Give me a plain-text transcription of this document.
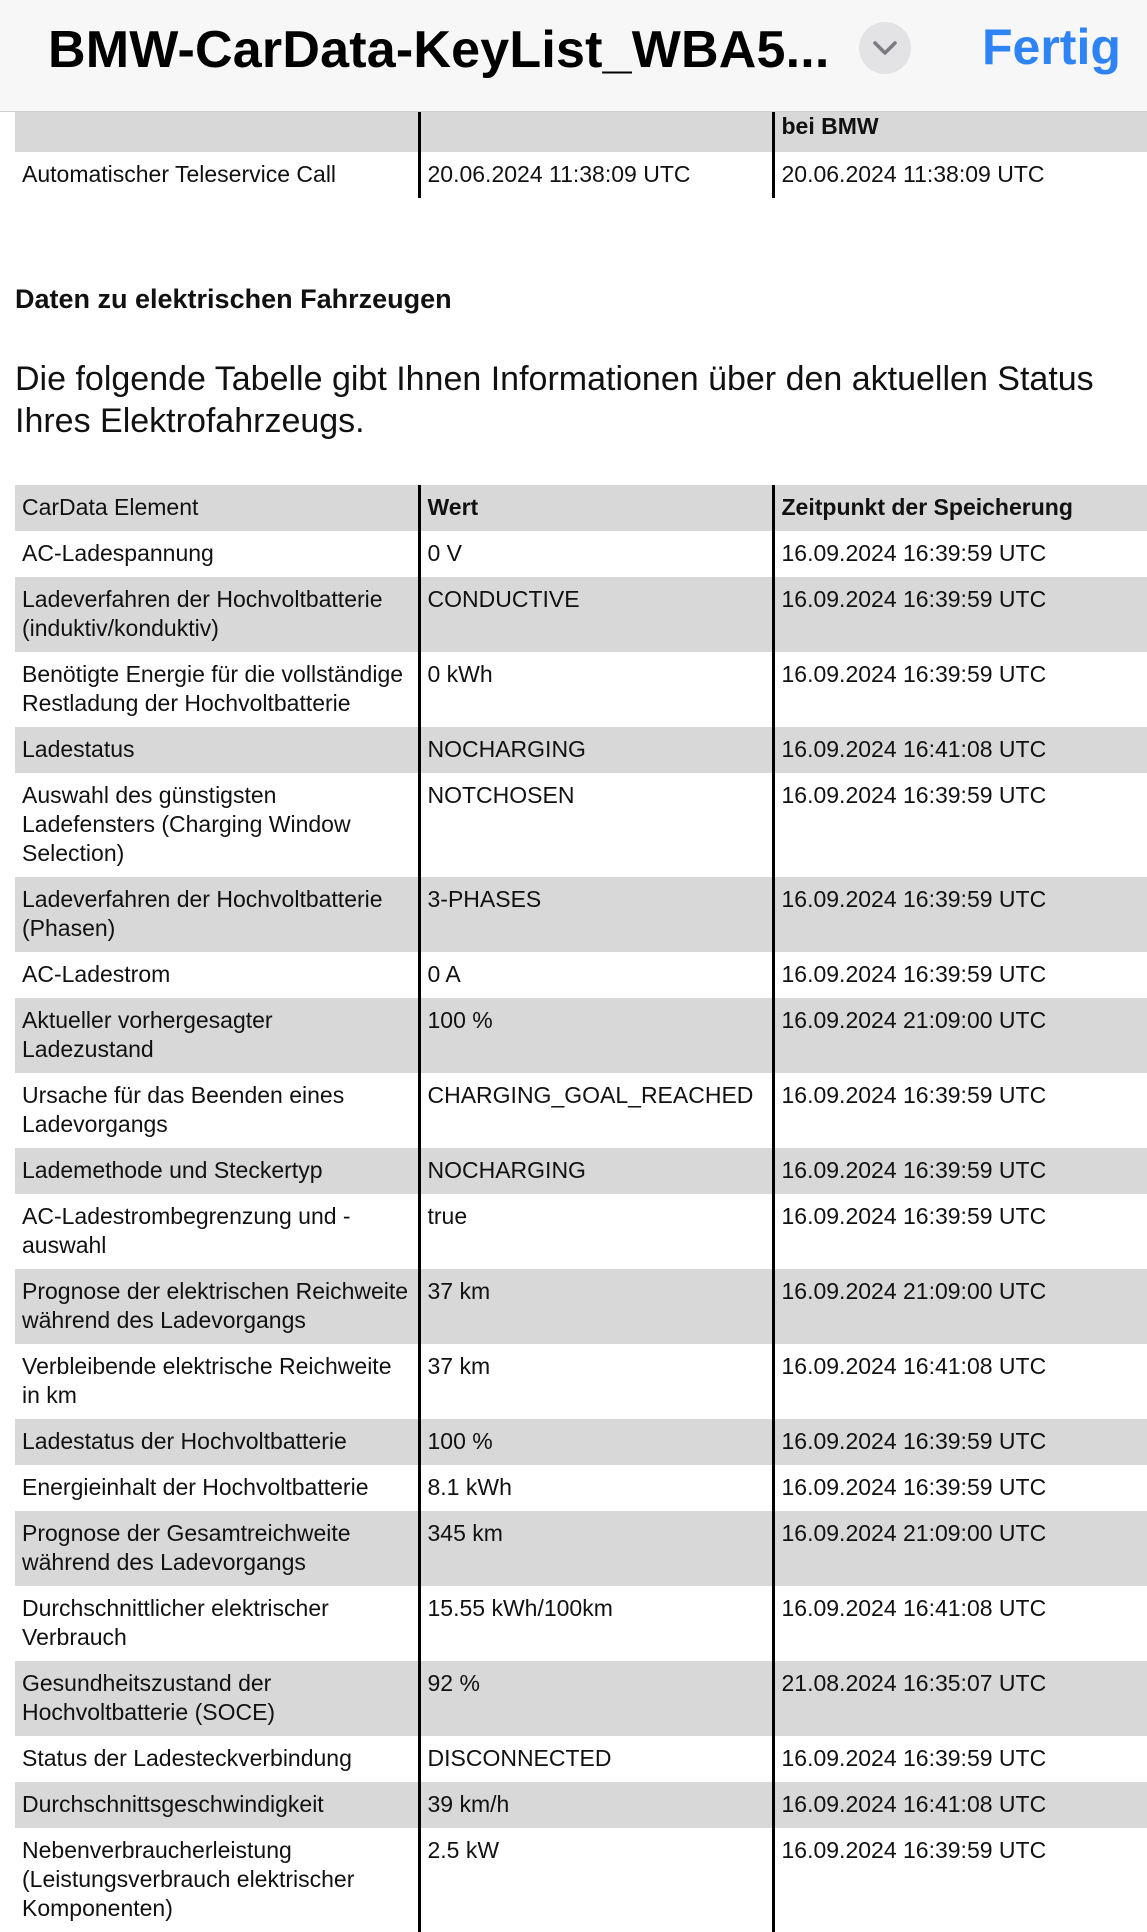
BMW-CarData-KeyList_WBA5...	Fertig
		bei BMW
Automatischer Teleservice Call	20.06.2024 11:38:09 UTC	20.06.2024 11:38:09 UTC
Daten zu elektrischen Fahrzeugen
Die folgende Tabelle gibt Ihnen Informationen über den aktuellen Status Ihres Elektrofahrzeugs.
CarData Element	Wert	Zeitpunkt der Speicherung
AC-Ladespannung	0 V	16.09.2024 16:39:59 UTC
Ladeverfahren der Hochvoltbatterie (induktiv/konduktiv)	CONDUCTIVE	16.09.2024 16:39:59 UTC
Benötigte Energie für die vollständige Restladung der Hochvoltbatterie	0 kWh	16.09.2024 16:39:59 UTC
Ladestatus	NOCHARGING	16.09.2024 16:41:08 UTC
Auswahl des günstigsten Ladefensters (Charging Window Selection)	NOTCHOSEN	16.09.2024 16:39:59 UTC
Ladeverfahren der Hochvoltbatterie (Phasen)	3-PHASES	16.09.2024 16:39:59 UTC
AC-Ladestrom	0 A	16.09.2024 16:39:59 UTC
Aktueller vorhergesagter Ladezustand	100 %	16.09.2024 21:09:00 UTC
Ursache für das Beenden eines Ladevorgangs	CHARGING_GOAL_REACHED	16.09.2024 16:39:59 UTC
Lademethode und Steckertyp	NOCHARGING	16.09.2024 16:39:59 UTC
AC-Ladestrombegrenzung und -auswahl	true	16.09.2024 16:39:59 UTC
Prognose der elektrischen Reichweite während des Ladevorgangs	37 km	16.09.2024 21:09:00 UTC
Verbleibende elektrische Reichweite in km	37 km	16.09.2024 16:41:08 UTC
Ladestatus der Hochvoltbatterie	100 %	16.09.2024 16:39:59 UTC
Energieinhalt der Hochvoltbatterie	8.1 kWh	16.09.2024 16:39:59 UTC
Prognose der Gesamtreichweite während des Ladevorgangs	345 km	16.09.2024 21:09:00 UTC
Durchschnittlicher elektrischer Verbrauch	15.55 kWh/100km	16.09.2024 16:41:08 UTC
Gesundheitszustand der Hochvoltbatterie (SOCE)	92 %	21.08.2024 16:35:07 UTC
Status der Ladesteckverbindung	DISCONNECTED	16.09.2024 16:39:59 UTC
Durchschnittsgeschwindigkeit	39 km/h	16.09.2024 16:41:08 UTC
Nebenverbraucherleistung (Leistungsverbrauch elektrischer Komponenten)	2.5 kW	16.09.2024 16:39:59 UTC
